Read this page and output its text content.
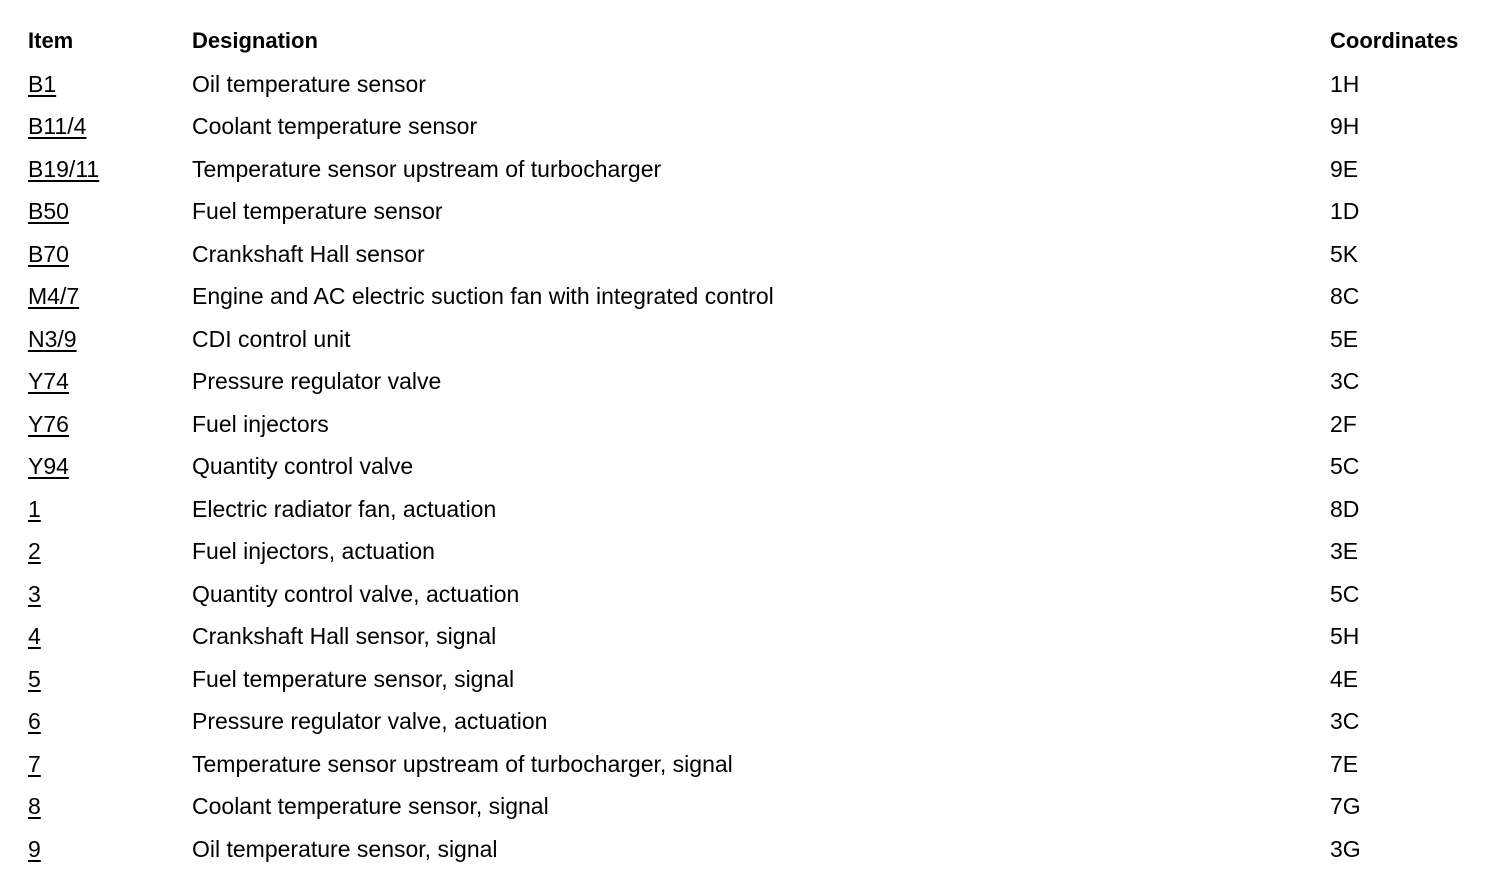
Item	Designation	Coordinates
B1	Oil temperature sensor	1H
B11/4	Coolant temperature sensor	9H
B19/11	Temperature sensor upstream of turbocharger	9E
B50	Fuel temperature sensor	1D
B70	Crankshaft Hall sensor	5K
M4/7	Engine and AC electric suction fan with integrated control	8C
N3/9	CDI control unit	5E
Y74	Pressure regulator valve	3C
Y76	Fuel injectors	2F
Y94	Quantity control valve	5C
1	Electric radiator fan, actuation	8D
2	Fuel injectors, actuation	3E
3	Quantity control valve, actuation	5C
4	Crankshaft Hall sensor, signal	5H
5	Fuel temperature sensor, signal	4E
6	Pressure regulator valve, actuation	3C
7	Temperature sensor upstream of turbocharger, signal	7E
8	Coolant temperature sensor, signal	7G
9	Oil temperature sensor, signal	3G
